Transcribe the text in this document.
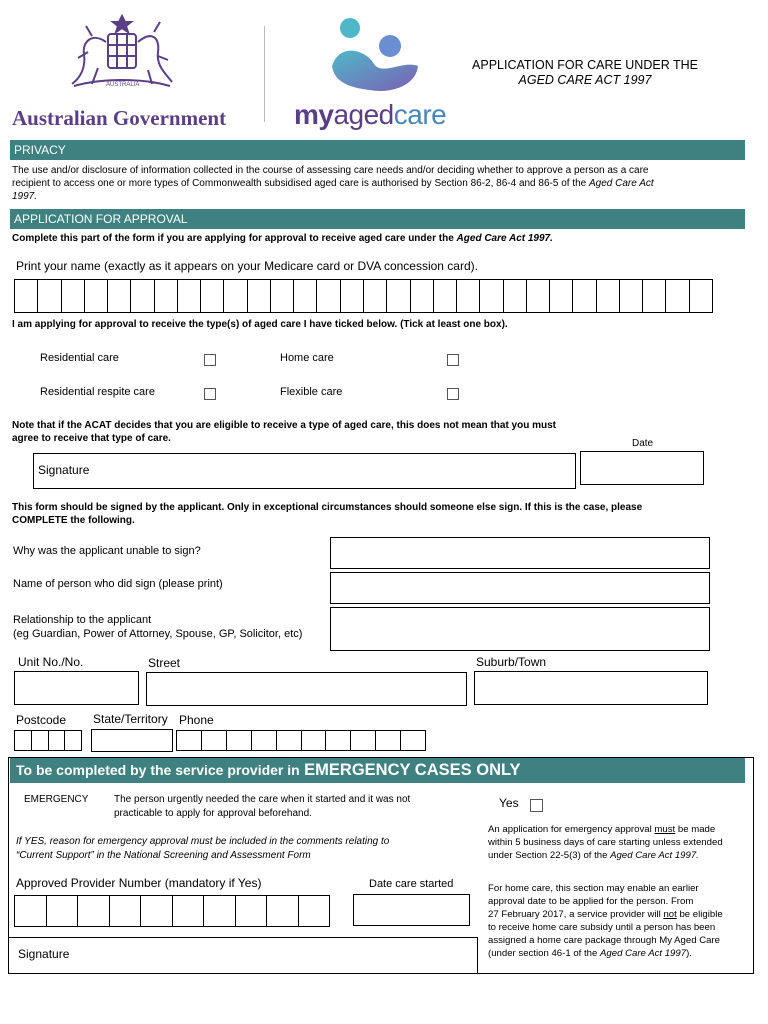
AUSTRALIA
Australian Government myagedcare
APPLICATION FOR CARE UNDER THE
AGED CARE ACT 1997
PRIVACY
The use and/or disclosure of information collected in the course of assessing care needs and/or deciding whether to approve a person as a care
recipient to access one or more types of Commonwealth subsidised aged care is authorised by Section 86-2, 86-4 and 86-5 of the Aged Care Act
1997.
APPLICATION FOR APPROVAL
Complete this part of the form if you are applying for approval to receive aged care under the Aged Care Act 1997.
Print your name (exactly as it appears on your Medicare card or DVA concession card).
I am applying for approval to receive the type(s) of aged care I have ticked below. (Tick at least one box).
Residential care	Home care
Residential respite care	Flexible care
Note that if the ACAT decides that you are eligible to receive a type of aged care, this does not mean that you must
agree to receive that type of care.	Date
Signature
This form should be signed by the applicant. Only in exceptional circumstances should someone else sign. If this is the case, please
COMPLETE the following.
Why was the applicant unable to sign?
Name of person who did sign (please print)
Relationship to the applicant
(eg Guardian, Power of Attorney, Spouse, GP, Solicitor, etc)
Unit No./No.	Street	Suburb/Town
Postcode State/Territory Phone
To be completed by the service provider in EMERGENCY CASES ONLY
EMERGENCY	The person urgently needed the care when it started and it was not
practicable to apply for approval beforehand.
Yes
If YES, reason for emergency approval must be included in the comments relating to
“Current Support” in the National Screening and Assessment Form
Approved Provider Number (mandatory if Yes)	Date care started
Signature
An application for emergency approval must be made
within 5 business days of care starting unless extended
under Section 22-5(3) of the Aged Care Act 1997.
For home care, this section may enable an earlier
approval date to be applied for the person. From
27 February 2017, a service provider will not be eligible
to receive home care subsidy until a person has been
assigned a home care package through My Aged Care
(under section 46-1 of the Aged Care Act 1997).
